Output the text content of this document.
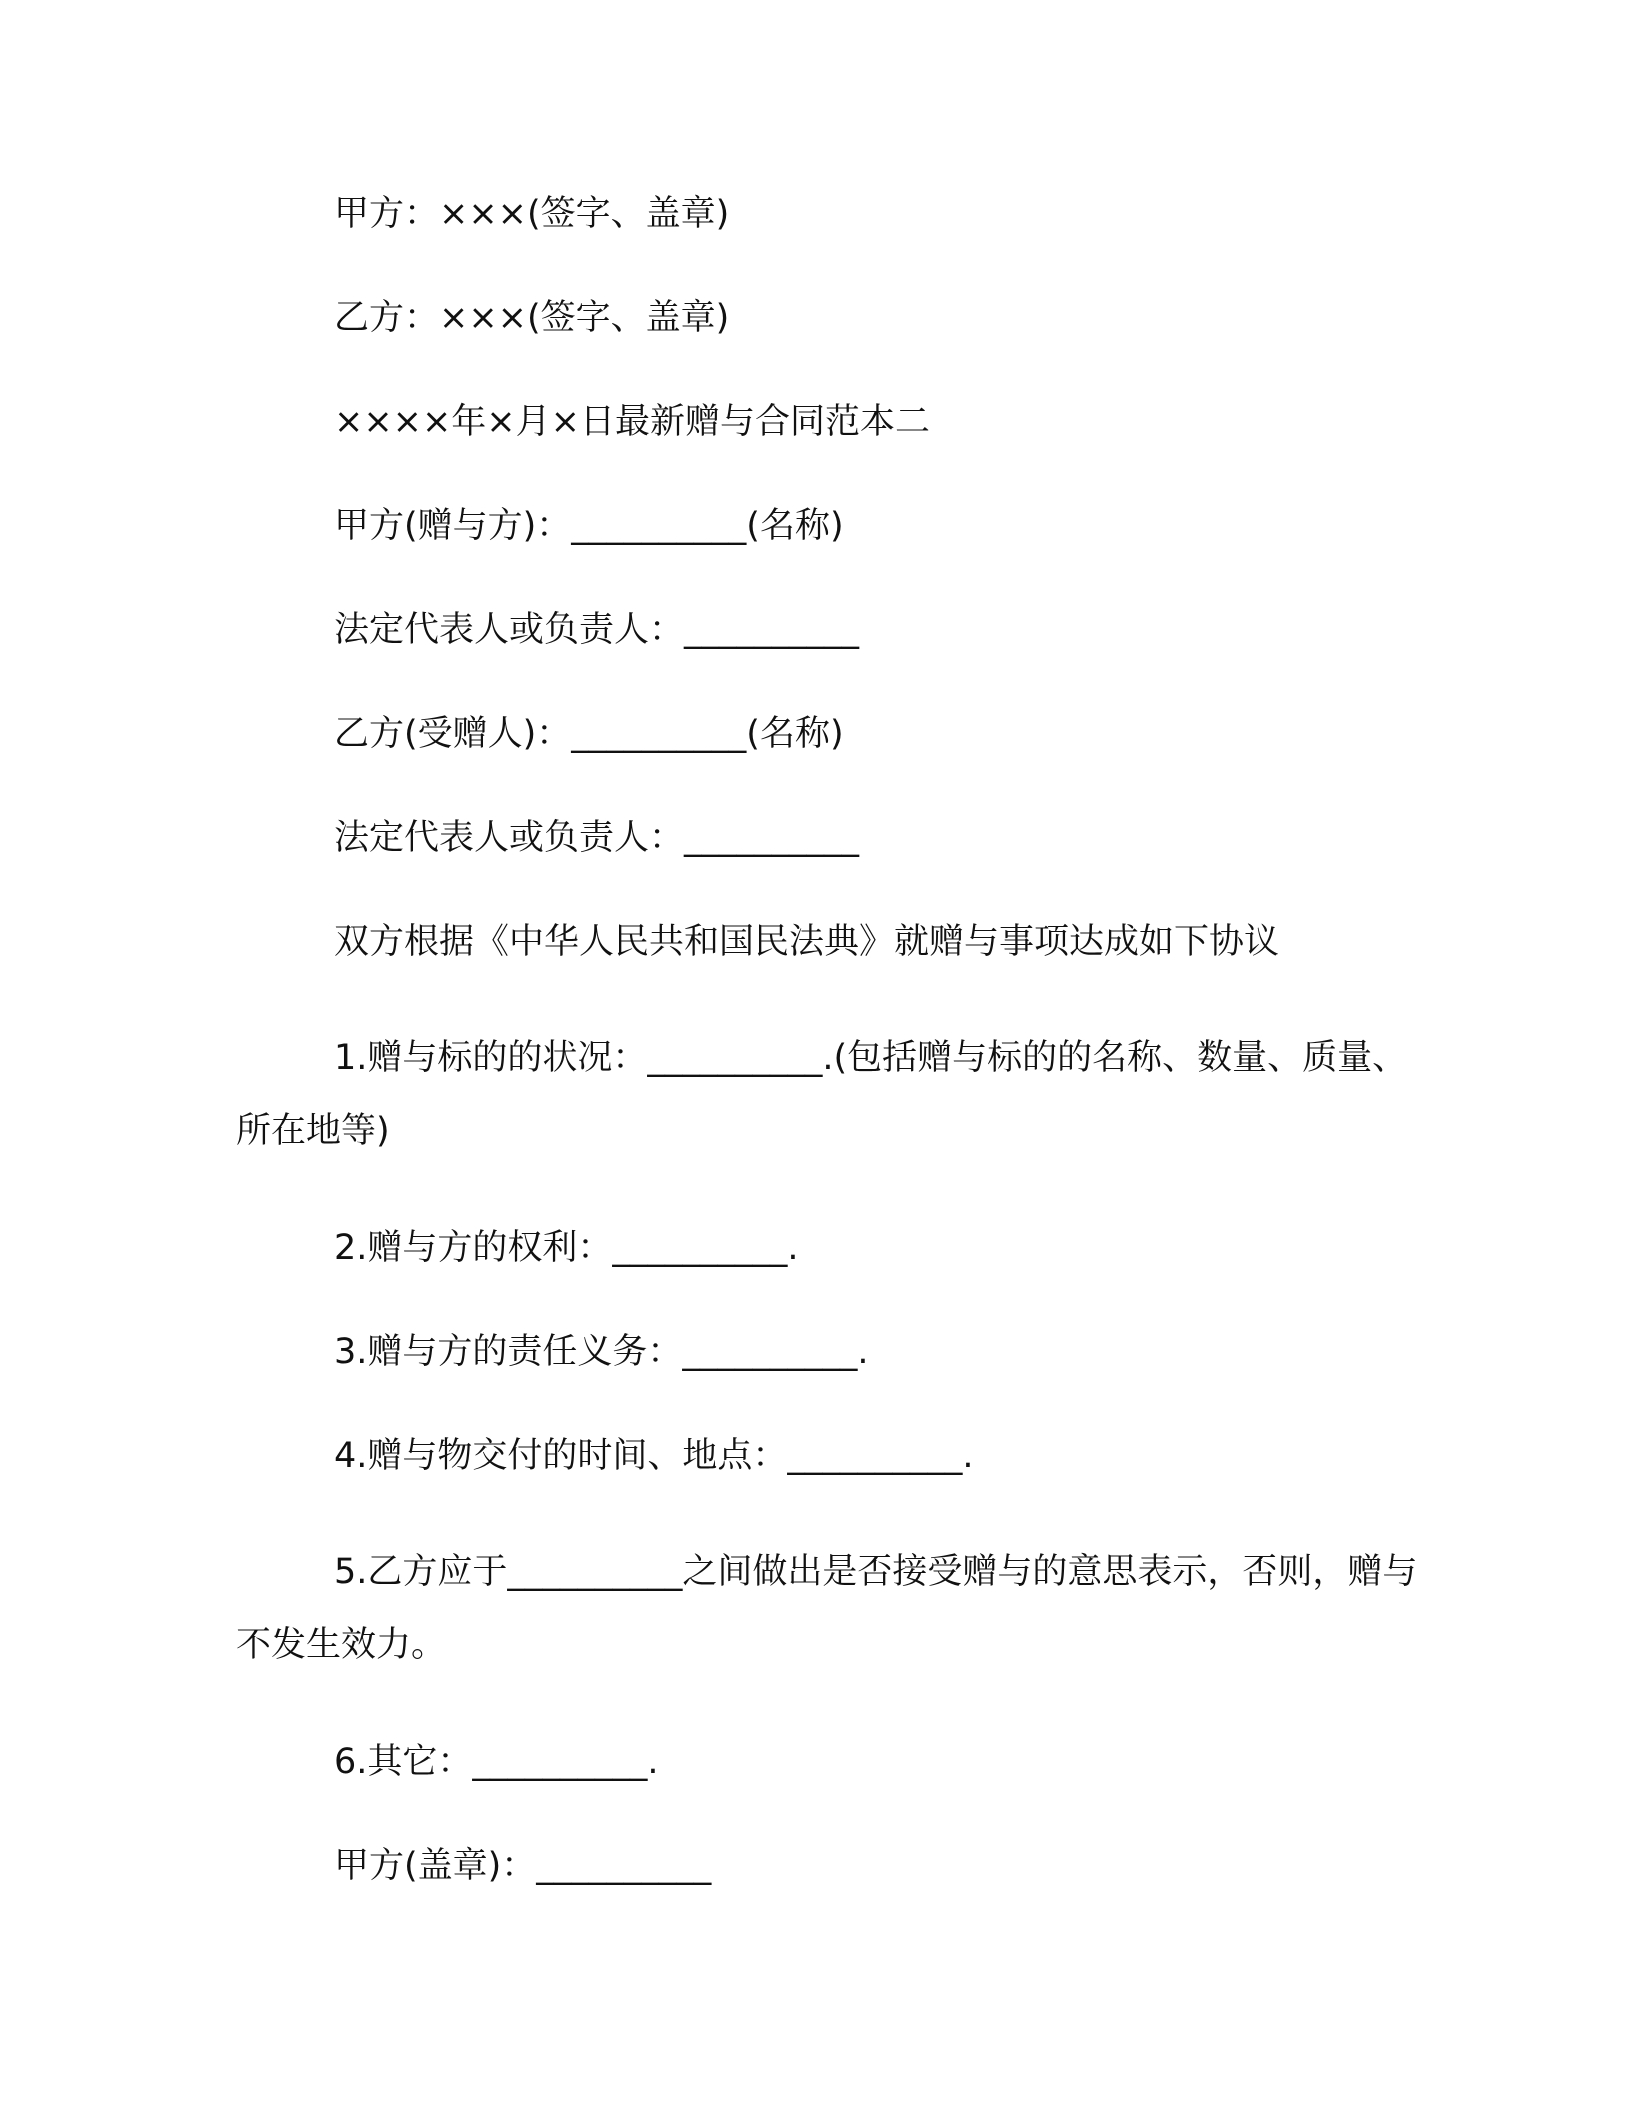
甲方：×××(签字、盖章)

乙方：×××(签字、盖章)

××××年×月×日最新赠与合同范本二

甲方(赠与方)：__________(名称)

法定代表人或负责人：__________

乙方(受赠人)：__________(名称)

法定代表人或负责人：__________

双方根据《中华人民共和国民法典》就赠与事项达成如下协议

1.赠与标的的状况：__________.(包括赠与标的的名称、数量、质量、所在地等)

2.赠与方的权利：__________.

3.赠与方的责任义务：__________.

4.赠与物交付的时间、地点：__________.

5.乙方应于__________之间做出是否接受赠与的意思表示，否则，赠与不发生效力。

6.其它：__________.

甲方(盖章)：__________
